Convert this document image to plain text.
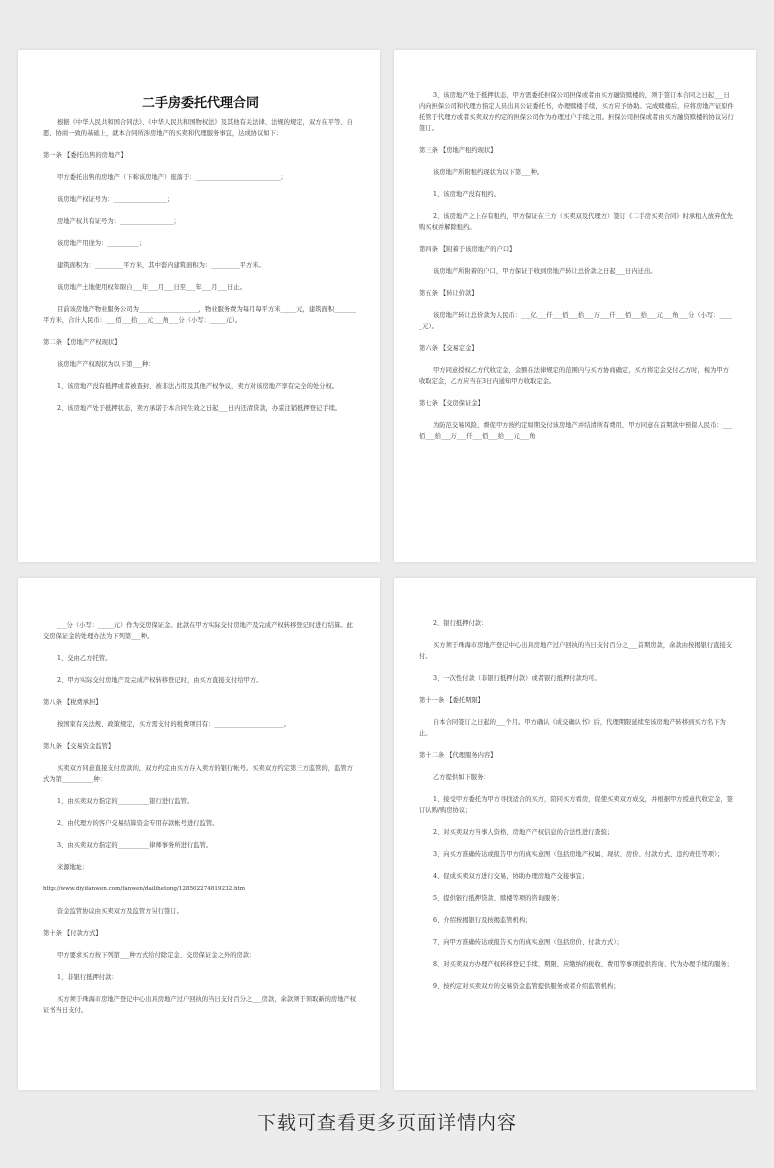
二手房委托代理合同

根据《中华人民共和国合同法》、《中华人民共和国物权法》及其他有关法律、法规的规定，双方在平等、自愿、协商一致的基础上，就本合同所涉房地产的买卖和代理服务事宜，达成协议如下：

第一条 【委托出售的房地产】

甲方委托出售的房地产（下称该房地产）座落于：___________________________；

该房地产权证号为：_________________；

房地产权共有证号为：_________________；

该房地产用途为：__________；

建筑面积为：_________平方米，其中套内建筑面积为：_________平方米。

该房地产土地使用权年限自___年___月___日至___年___月___日止。

目前该房地产物业服务公司为___________________，物业服务费为每月每平方米_____元，建筑面积_______平方米，合计人民币：___佰___拾___元___角___分（小写：_____元）。

第二条 【房地产产权现状】

该房地产产权现状为以下第___种：

1、该房地产没有抵押或者被查封、被非法占用及其他产权争议，卖方对该房地产享有完全的处分权。

2、该房地产处于抵押状态，卖方承诺于本合同生效之日起___日内还清贷款，办妥注销抵押登记手续。

3、该房地产处于抵押状态，甲方需委托担保公司担保或者由买方融资赎楼的，须于签订本合同之日起___日内向担保公司和代理方指定人员出具公证委托书，办理赎楼手续，买方应予协助。完成赎楼后，应将房地产证原件托管于代理方或者买卖双方约定的担保公司作为办理过户手续之用。担保公司担保或者由买方融资赎楼的协议另行签订。

第三条 【房地产租约现状】

该房地产所附租约现状为以下第___种。

1、该房地产没有租约。

2、该房地产之上存有租约，甲方保证在三方（买卖双及代理方）签订《二手房买卖合同》时承租人放弃优先购买权并解除租约。

第四条 【附着于该房地产的户口】

该房地产所附着的户口，甲方保证于收到房地产转让总价款之日起___日内迁出。

第五条 【转让价款】

该房地产转让总价款为人民币：___亿___仟___佰___拾___万___仟___佰___拾___元___角___分（小写：_____元）。

第六条 【交易定金】

甲方同意授权乙方代收定金，金额在法律规定的范围内与买方协商确定，买方将定金交付乙方时，视为甲方收取定金，乙方应当在3日内通知甲方收取定金。

第七条 【交房保证金】

为防范交易风险，督促甲方按约定如期交付该房地产并结清所有费用，甲方同意在首期款中预留人民币：___佰___拾___万___仟___佰___拾___元___角

___分（小写：_____元）作为交房保证金。此款在甲方实际交付房地产及完成产权转移登记时进行结算。此交房保证金的处理办法为下列第___种。

1、交由乙方托管。

2、甲方实际交付房地产及完成产权转移登记时，由买方直接支付给甲方。

第八条 【税费承担】

按国家有关法规、政策规定，买方需支付的税费项目有：______________________。

第九条 【交易资金监管】

买卖双方同意直接支付房款的，双方约定由买方存入卖方的银行帐号。买卖双方约定第三方监管的，监管方式为第__________种：

1、由买卖双方指定的__________银行进行监管。

2、由代理方的客户交易结算资金专用存款帐号进行监管。

3、由买卖双方指定的__________律师事务所进行监管。

来源地址：

http://www.diyifanwen.com/fanwen/dailihetong/1285022748192​32.htm

资金监管协议由买卖双方及监管方另行签订。

第十条 【付款方式】

甲方要求买方按下列第___种方式给付除定金、交房保证金之外的房款：

1、非银行抵押付款：

买方须于珠海市房地产登记中心出具房地产过户回执的当日支付百分之___房款，余款须于领取新的房地产权证书当日支付。

2、银行抵押付款：

买方须于珠海市房地产登记中心出具房地产过户回执的当日支付百分之___首期房款，余款由按揭银行直接支付。

3、一次性付款（非银行抵押付款）或者银行抵押付款均可。

第十一条 【委托期限】

自本合同签订之日起的___个月。甲方确认《成交确认书》后，代理期限延续至该房地产转移到买方名下为止。

第十二条 【代理服务内容】

乙方提供如下服务：

1、接受甲方委托为甲方寻找适合的买方，陪同买方看房，促使买卖双方成交，并根据甲方授意代收定金，签订认购/购房协议；

2、对买卖双方当事人资格、房地产产权信息的合法性进行查验；

3、向买方准确传达或报告甲方的真实意图（包括房地产权属、现状、房价、付款方式、违约责任等项）；

4、促成买卖双方进行交易，协助办理房地产交接事宜；

5、提供银行抵押贷款、赎楼等项的咨询服务；

6、介绍按揭银行及按揭监管机构；

7、向甲方准确传达或报告买方的真实意图（包括房价、付款方式）；

8、对买卖双方办理产权转移登记手续、期限、应缴纳的税收、费用等事项提供咨询、代为办理手续的服务；

9、按约定对买卖双方的交易资金监管提供服务或者介绍监管机构；

下载可查看更多页面详情内容
